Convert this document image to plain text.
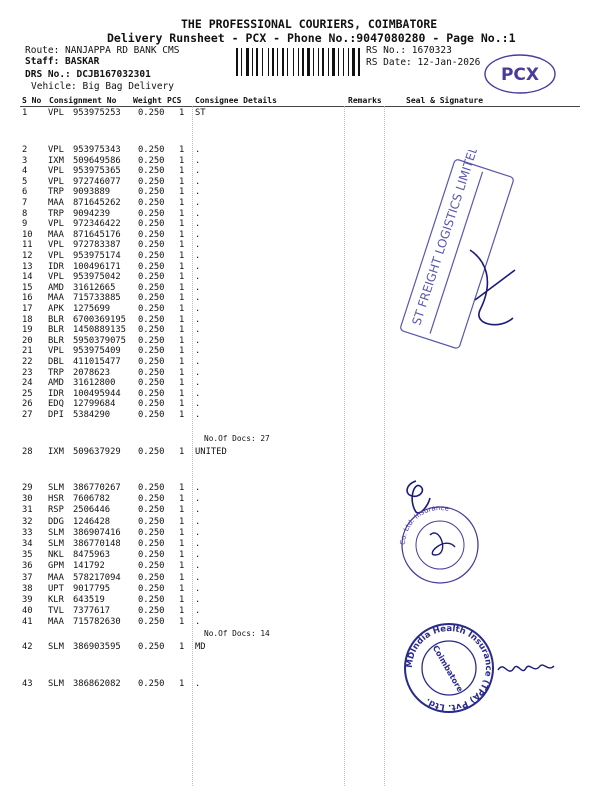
THE PROFESSIONAL COURIERS, COIMBATORE
Delivery Runsheet - PCX - Phone No.:9047080280 - Page No.:1
Route: NANJAPPA RD BANK CMS
Staff: BASKAR
DRS No.: DCJB167032301
Vehicle: Big Bag Delivery
RS No.: 1670323
RS Date: 12-Jan-2026
PCX
S No Consignment No Weight PCS Consignee Details	Remarks	Seal & Signature
1 VPL 953975253 0.250 1 ST
2 VPL 953975343 0.250 1 .
3 IXM 509649586 0.250 1 .
4 VPL 953975365 0.250 1 .
5 VPL 972746077 0.250 1 .
6 TRP 9093889	0.250 1 .
7 MAA 871645262 0.250 1 .
8 TRP 9094239	0.250 1 .
9 VPL 972346422 0.250 1 .
10 MAA 871645176 0.250 1 .
11 VPL 972783387 0.250 1 .
12 VPL 953975174 0.250 1 .
13 IDR 100496171 0.250 1 .
14 VPL 953975042 0.250 1 .
15 AMD 31612665	0.250 1 .
16 MAA 715733885 0.250 1 .
17 APK 1275699	0.250 1 .
18 BLR 6700369195 0.250 1 .
19 BLR 1450889135 0.250 1 .
20 BLR 5950379075 0.250 1 .
21 VPL 953975409 0.250 1 .
22 DBL 411015477 0.250 1 .
23 TRP 2078623	0.250 1 .
24 AMD 31612800	0.250 1 .
25 IDR 100495944 0.250 1 .
26 EDQ 12799684	0.250 1 .
27 DPI 5384290	0.250 1 .
No.Of Docs: 27
28 IXM 509637929 0.250 1 UNITED
29 SLM 386770267 0.250 1 .
30 HSR 7606782	0.250 1 .
31 RSP 2506446	0.250 1 .
32 DDG 1246428	0.250 1 .
33 SLM 386907416 0.250 1 .
34 SLM 386770148 0.250 1 .
35 NKL 8475963	0.250 1 .
36 GPM 141792	0.250 1 .
37 MAA 578217094 0.250 1 .
38 UPT 9017795	0.250 1 .
39 KLR 643519	0.250 1 .
40 TVL 7377617	0.250 1 .
41 MAA 715782630 0.250 1 .
No.Of Docs: 14
42 SLM 386903595 0.250 1 MD
43 SLM 386862082 0.250 1 .
ST FREIGHT LOGISTICS LIMITED
Co. Ltd. Insurance
MDIndia Health Insurance (TPA) Pvt. Ltd.
Coimbatore
